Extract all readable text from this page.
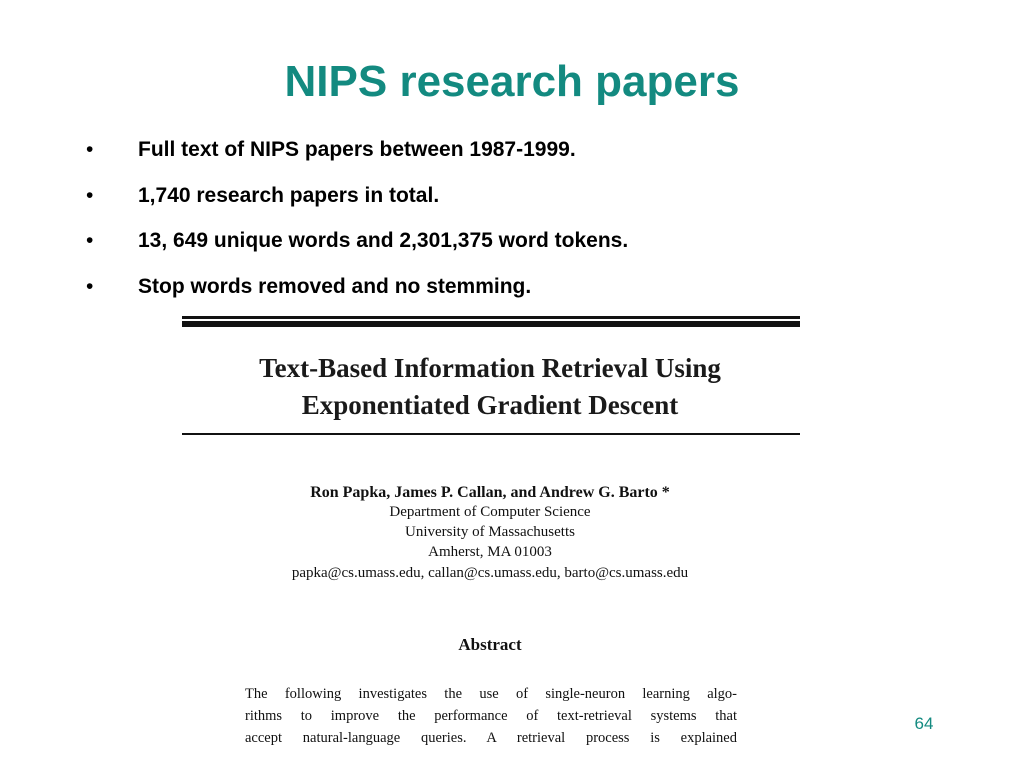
NIPS research papers
• Full text of NIPS papers between 1987-1999.
• 1,740 research papers in total.
• 13, 649 unique words and 2,301,375 word tokens.
• Stop words removed and no stemming.
Text-Based Information Retrieval Using
Exponentiated Gradient Descent
Ron Papka, James P. Callan, and Andrew G. Barto *
Department of Computer Science
University of Massachusetts
Amherst, MA 01003
papka@cs.umass.edu, callan@cs.umass.edu, barto@cs.umass.edu
Abstract
The following investigates the use of single-neuron learning algo-
rithms to improve the performance of text-retrieval systems that
accept natural-language queries. A retrieval process is explained
64
